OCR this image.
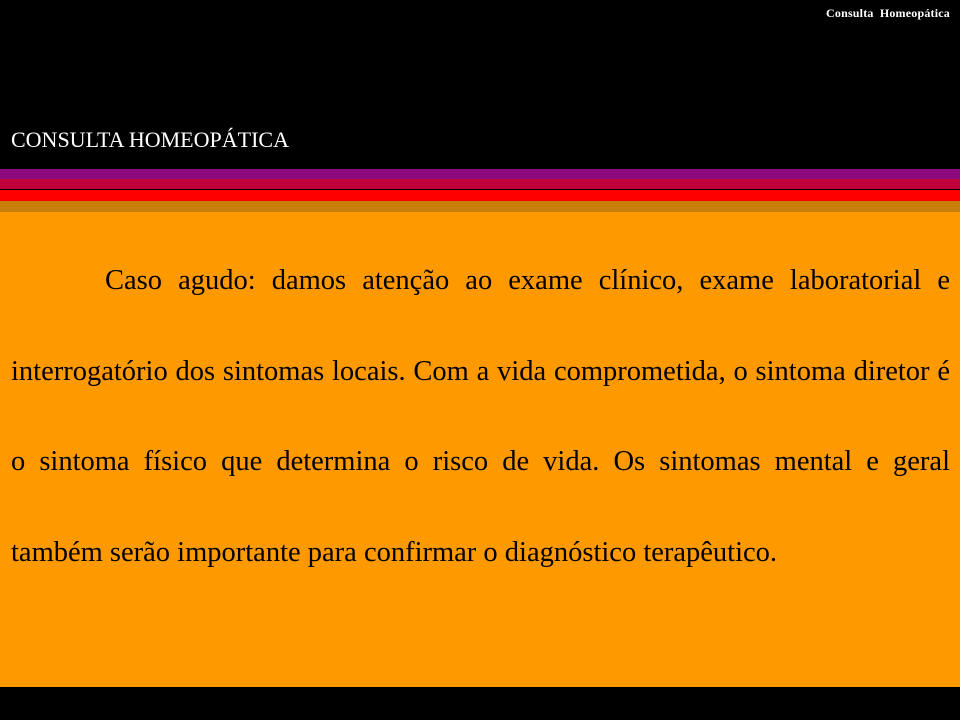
Consulta Homeopática
CONSULTA HOMEOPÁTICA

Caso agudo: damos atenção ao exame clínico, exame laboratorial e interrogatório dos sintomas locais. Com a vida comprometida, o sintoma diretor é o sintoma físico que determina o risco de vida. Os sintomas mental e geral também serão importante para confirmar o diagnóstico terapêutico.
